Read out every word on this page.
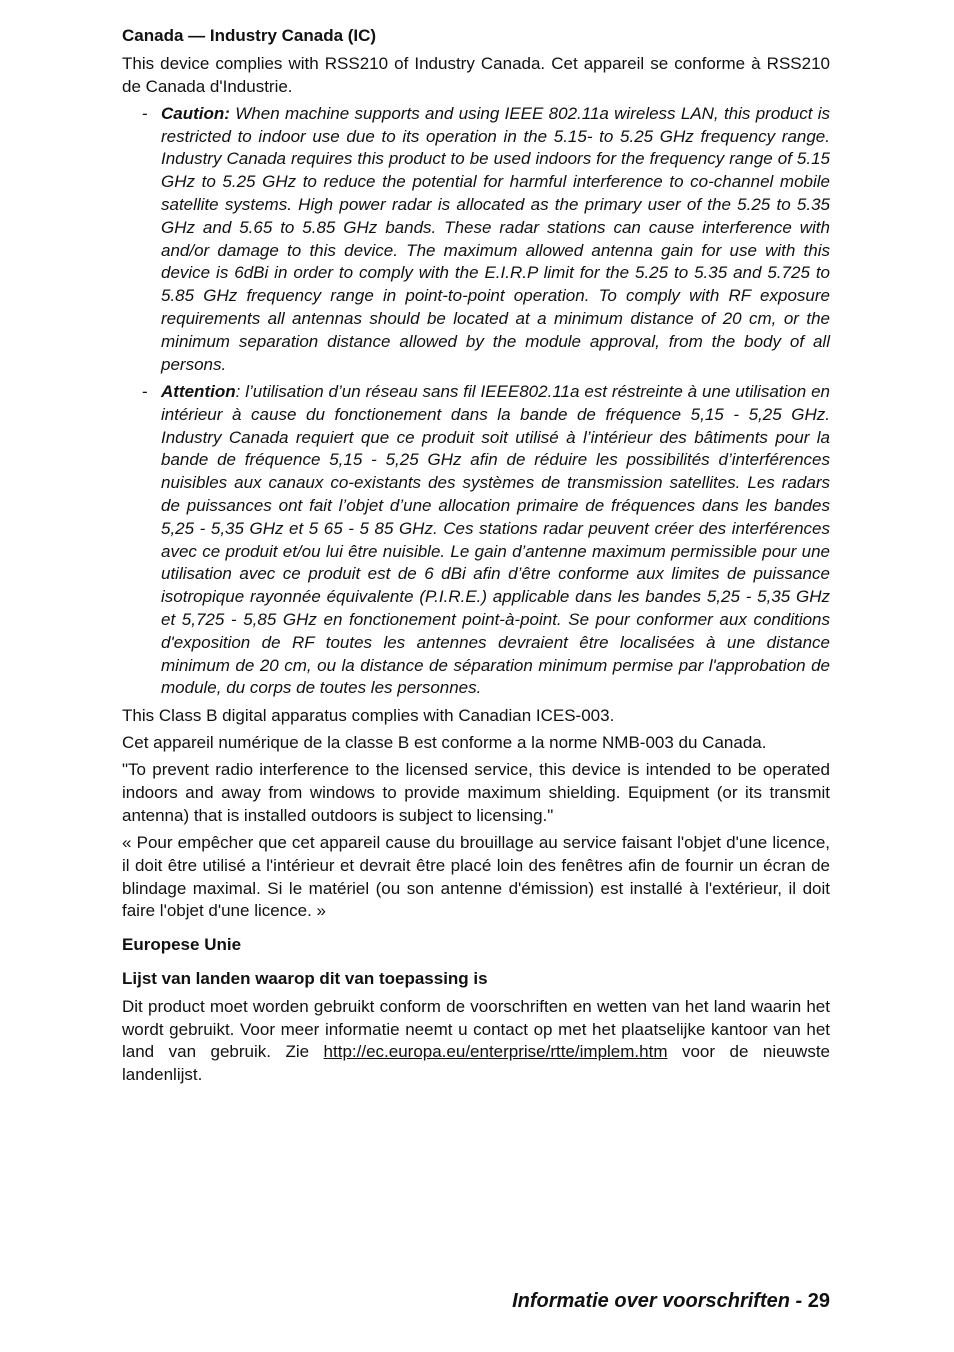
Canada — Industry Canada (IC)
This device complies with RSS210 of Industry Canada. Cet appareil se conforme à RSS210 de Canada d'Industrie.
- Caution: When machine supports and using IEEE 802.11a wireless LAN, this product is restricted to indoor use due to its operation in the 5.15- to 5.25 GHz frequency range. Industry Canada requires this product to be used indoors for the frequency range of 5.15 GHz to 5.25 GHz to reduce the potential for harmful interference to co-channel mobile satellite systems. High power radar is allocated as the primary user of the 5.25 to 5.35 GHz and 5.65 to 5.85 GHz bands. These radar stations can cause interference with and/or damage to this device. The maximum allowed antenna gain for use with this device is 6dBi in order to comply with the E.I.R.P limit for the 5.25 to 5.35 and 5.725 to 5.85 GHz frequency range in point-to-point operation. To comply with RF exposure requirements all antennas should be located at a minimum distance of 20 cm, or the minimum separation distance allowed by the module approval, from the body of all persons.
- Attention: l’utilisation d’un réseau sans fil IEEE802.11a est réstreinte à une utilisation en intérieur à cause du fonctionement dans la bande de fréquence 5,15 - 5,25 GHz. Industry Canada requiert que ce produit soit utilisé à l’intérieur des bâtiments pour la bande de fréquence 5,15 - 5,25 GHz afin de réduire les possibilités d’interférences nuisibles aux canaux co-existants des systèmes de transmission satellites. Les radars de puissances ont fait l’objet d’une allocation primaire de fréquences dans les bandes 5,25 - 5,35 GHz et 5 65 - 5 85 GHz. Ces stations radar peuvent créer des interférences avec ce produit et/ou lui être nuisible. Le gain d’antenne maximum permissible pour une utilisation avec ce produit est de 6 dBi afin d’être conforme aux limites de puissance isotropique rayonnée équivalente (P.I.R.E.) applicable dans les bandes 5,25 - 5,35 GHz et 5,725 - 5,85 GHz en fonctionement point-à-point. Se pour conformer aux conditions d'exposition de RF toutes les antennes devraient être localisées à une distance minimum de 20 cm, ou la distance de séparation minimum permise par l'approbation de module, du corps de toutes les personnes.
This Class B digital apparatus complies with Canadian ICES-003.
Cet appareil numérique de la classe B est conforme a la norme NMB-003 du Canada.
"To prevent radio interference to the licensed service, this device is intended to be operated indoors and away from windows to provide maximum shielding. Equipment (or its transmit antenna) that is installed outdoors is subject to licensing."
« Pour empêcher que cet appareil cause du brouillage au service faisant l'objet d'une licence, il doit être utilisé a l'intérieur et devrait être placé loin des fenêtres afin de fournir un écran de blindage maximal. Si le matériel (ou son antenne d'émission) est installé à l'extérieur, il doit faire l'objet d'une licence. »
Europese Unie
Lijst van landen waarop dit van toepassing is
Dit product moet worden gebruikt conform de voorschriften en wetten van het land waarin het wordt gebruikt. Voor meer informatie neemt u contact op met het plaatselijke kantoor van het land van gebruik. Zie http://ec.europa.eu/enterprise/rtte/implem.htm voor de nieuwste landenlijst.
Informatie over voorschriften - 29
